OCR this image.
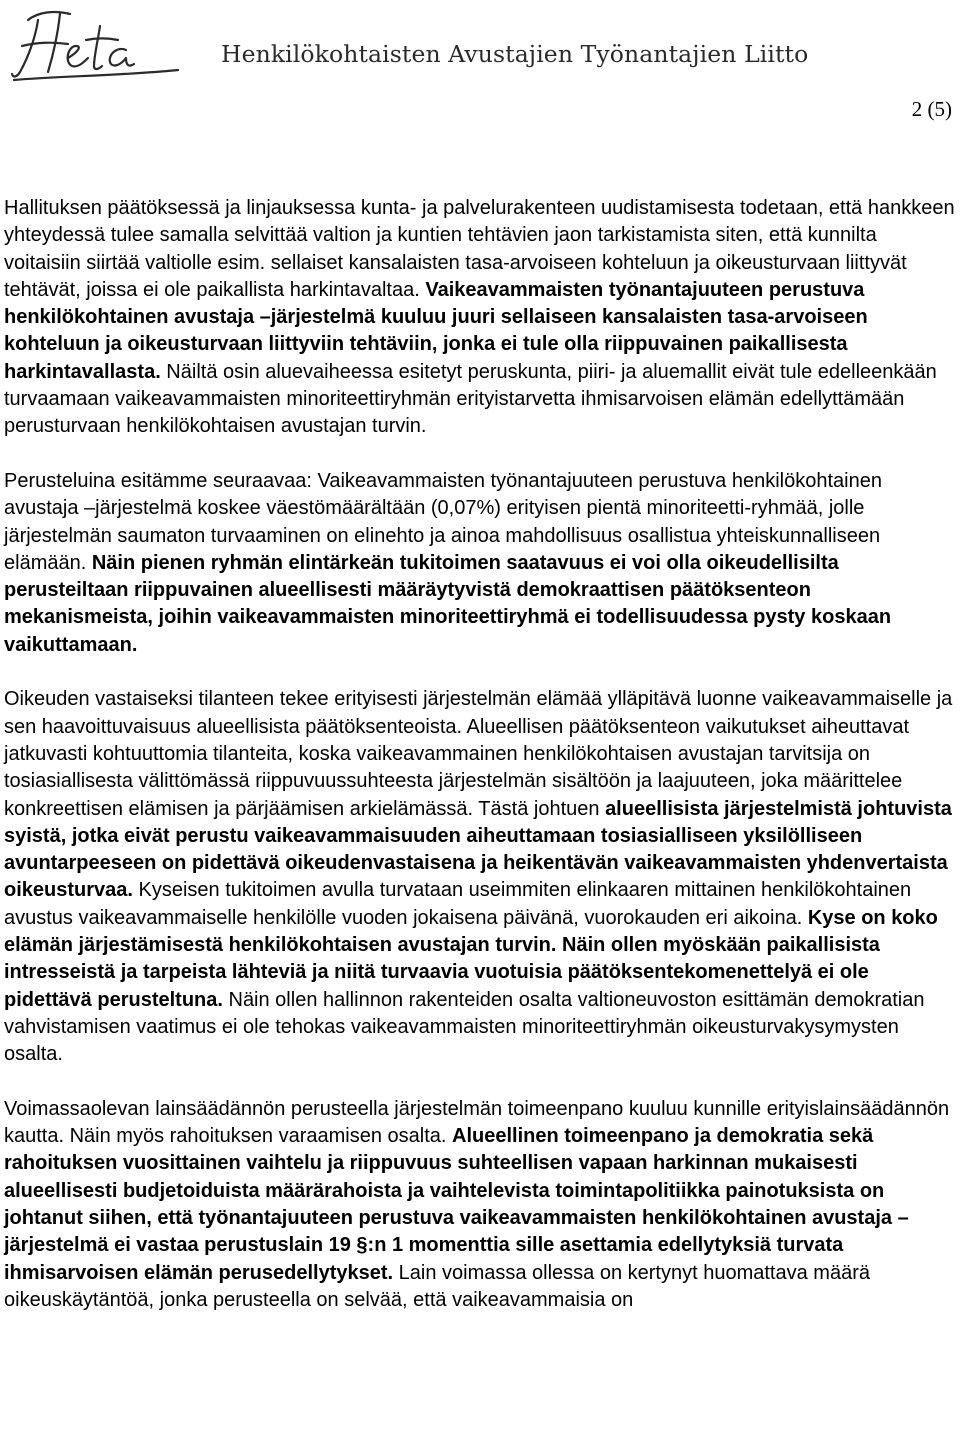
Henkilökohtaisten Avustajien Työnantajien Liitto
2 (5)

Hallituksen päätöksessä ja linjauksessa kunta- ja palvelurakenteen uudistamisesta todetaan, että hankkeen yhteydessä tulee samalla selvittää valtion ja kuntien tehtävien jaon tarkistamista siten, että kunnilta voitaisiin siirtää valtiolle esim. sellaiset kansalaisten tasa-arvoiseen kohteluun ja oikeusturvaan liittyvät tehtävät, joissa ei ole paikallista harkintavaltaa. Vaikeavammaisten työnantajuuteen perustuva henkilökohtainen avustaja –järjestelmä kuuluu juuri sellaiseen kansalaisten tasa-arvoiseen kohteluun ja oikeusturvaan liittyviin tehtäviin, jonka ei tule olla riippuvainen paikallisesta harkintavallasta. Näiltä osin aluevaiheessa esitetyt peruskunta, piiri- ja aluemallit eivät tule edelleenkään turvaamaan vaikeavammaisten minoriteettiryhmän erityistarvetta ihmisarvoisen elämän edellyttämään perusturvaan henkilökohtaisen avustajan turvin.

Perusteluina esitämme seuraavaa: Vaikeavammaisten työnantajuuteen perustuva henkilökohtainen avustaja –järjestelmä koskee väestömäärältään (0,07%) erityisen pientä minoriteetti-ryhmää, jolle järjestelmän saumaton turvaaminen on elinehto ja ainoa mahdollisuus osallistua yhteiskunnalliseen elämään. Näin pienen ryhmän elintärkeän tukitoimen saatavuus ei voi olla oikeudellisilta perusteiltaan riippuvainen alueellisesti määräytyvistä demokraattisen päätöksenteon mekanismeista, joihin vaikeavammaisten minoriteettiryhmä ei todellisuudessa pysty koskaan vaikuttamaan.

Oikeuden vastaiseksi tilanteen tekee erityisesti järjestelmän elämää ylläpitävä luonne vaikeavammaiselle ja sen haavoittuvaisuus alueellisista päätöksenteoista. Alueellisen päätöksenteon vaikutukset aiheuttavat jatkuvasti kohtuuttomia tilanteita, koska vaikeavammainen henkilökohtaisen avustajan tarvitsija on tosiasiallisesta välittömässä riippuvuussuhteesta järjestelmän sisältöön ja laajuuteen, joka määrittelee konkreettisen elämisen ja pärjäämisen arkielämässä. Tästä johtuen alueellisista järjestelmistä johtuvista syistä, jotka eivät perustu vaikeavammaisuuden aiheuttamaan tosiasialliseen yksilölliseen avuntarpeeseen on pidettävä oikeudenvastaisena ja heikentävän vaikeavammaisten yhdenvertaista oikeusturvaa. Kyseisen tukitoimen avulla turvataan useimmiten elinkaaren mittainen henkilökohtainen avustus vaikeavammaiselle henkilölle vuoden jokaisena päivänä, vuorokauden eri aikoina. Kyse on koko elämän järjestämisestä henkilökohtaisen avustajan turvin. Näin ollen myöskään paikallisista intresseistä ja tarpeista lähteviä ja niitä turvaavia vuotuisia päätöksentekomenettelyä ei ole pidettävä perusteltuna. Näin ollen hallinnon rakenteiden osalta valtioneuvoston esittämän demokratian vahvistamisen vaatimus ei ole tehokas vaikeavammaisten minoriteettiryhmän oikeusturvakysymysten osalta.

Voimassaolevan lainsäädännön perusteella järjestelmän toimeenpano kuuluu kunnille erityislainsäädännön kautta. Näin myös rahoituksen varaamisen osalta. Alueellinen toimeenpano ja demokratia sekä rahoituksen vuosittainen vaihtelu ja riippuvuus suhteellisen vapaan harkinnan mukaisesti alueellisesti budjetoiduista määrärahoista ja vaihtelevista toimintapolitiikka painotuksista on johtanut siihen, että työnantajuuteen perustuva vaikeavammaisten henkilökohtainen avustaja – järjestelmä ei vastaa perustuslain 19 §:n 1 momenttia sille asettamia edellytyksiä turvata ihmisarvoisen elämän perusedellytykset. Lain voimassa ollessa on kertynyt huomattava määrä oikeuskäytäntöä, jonka perusteella on selvää, että vaikeavammaisia on
